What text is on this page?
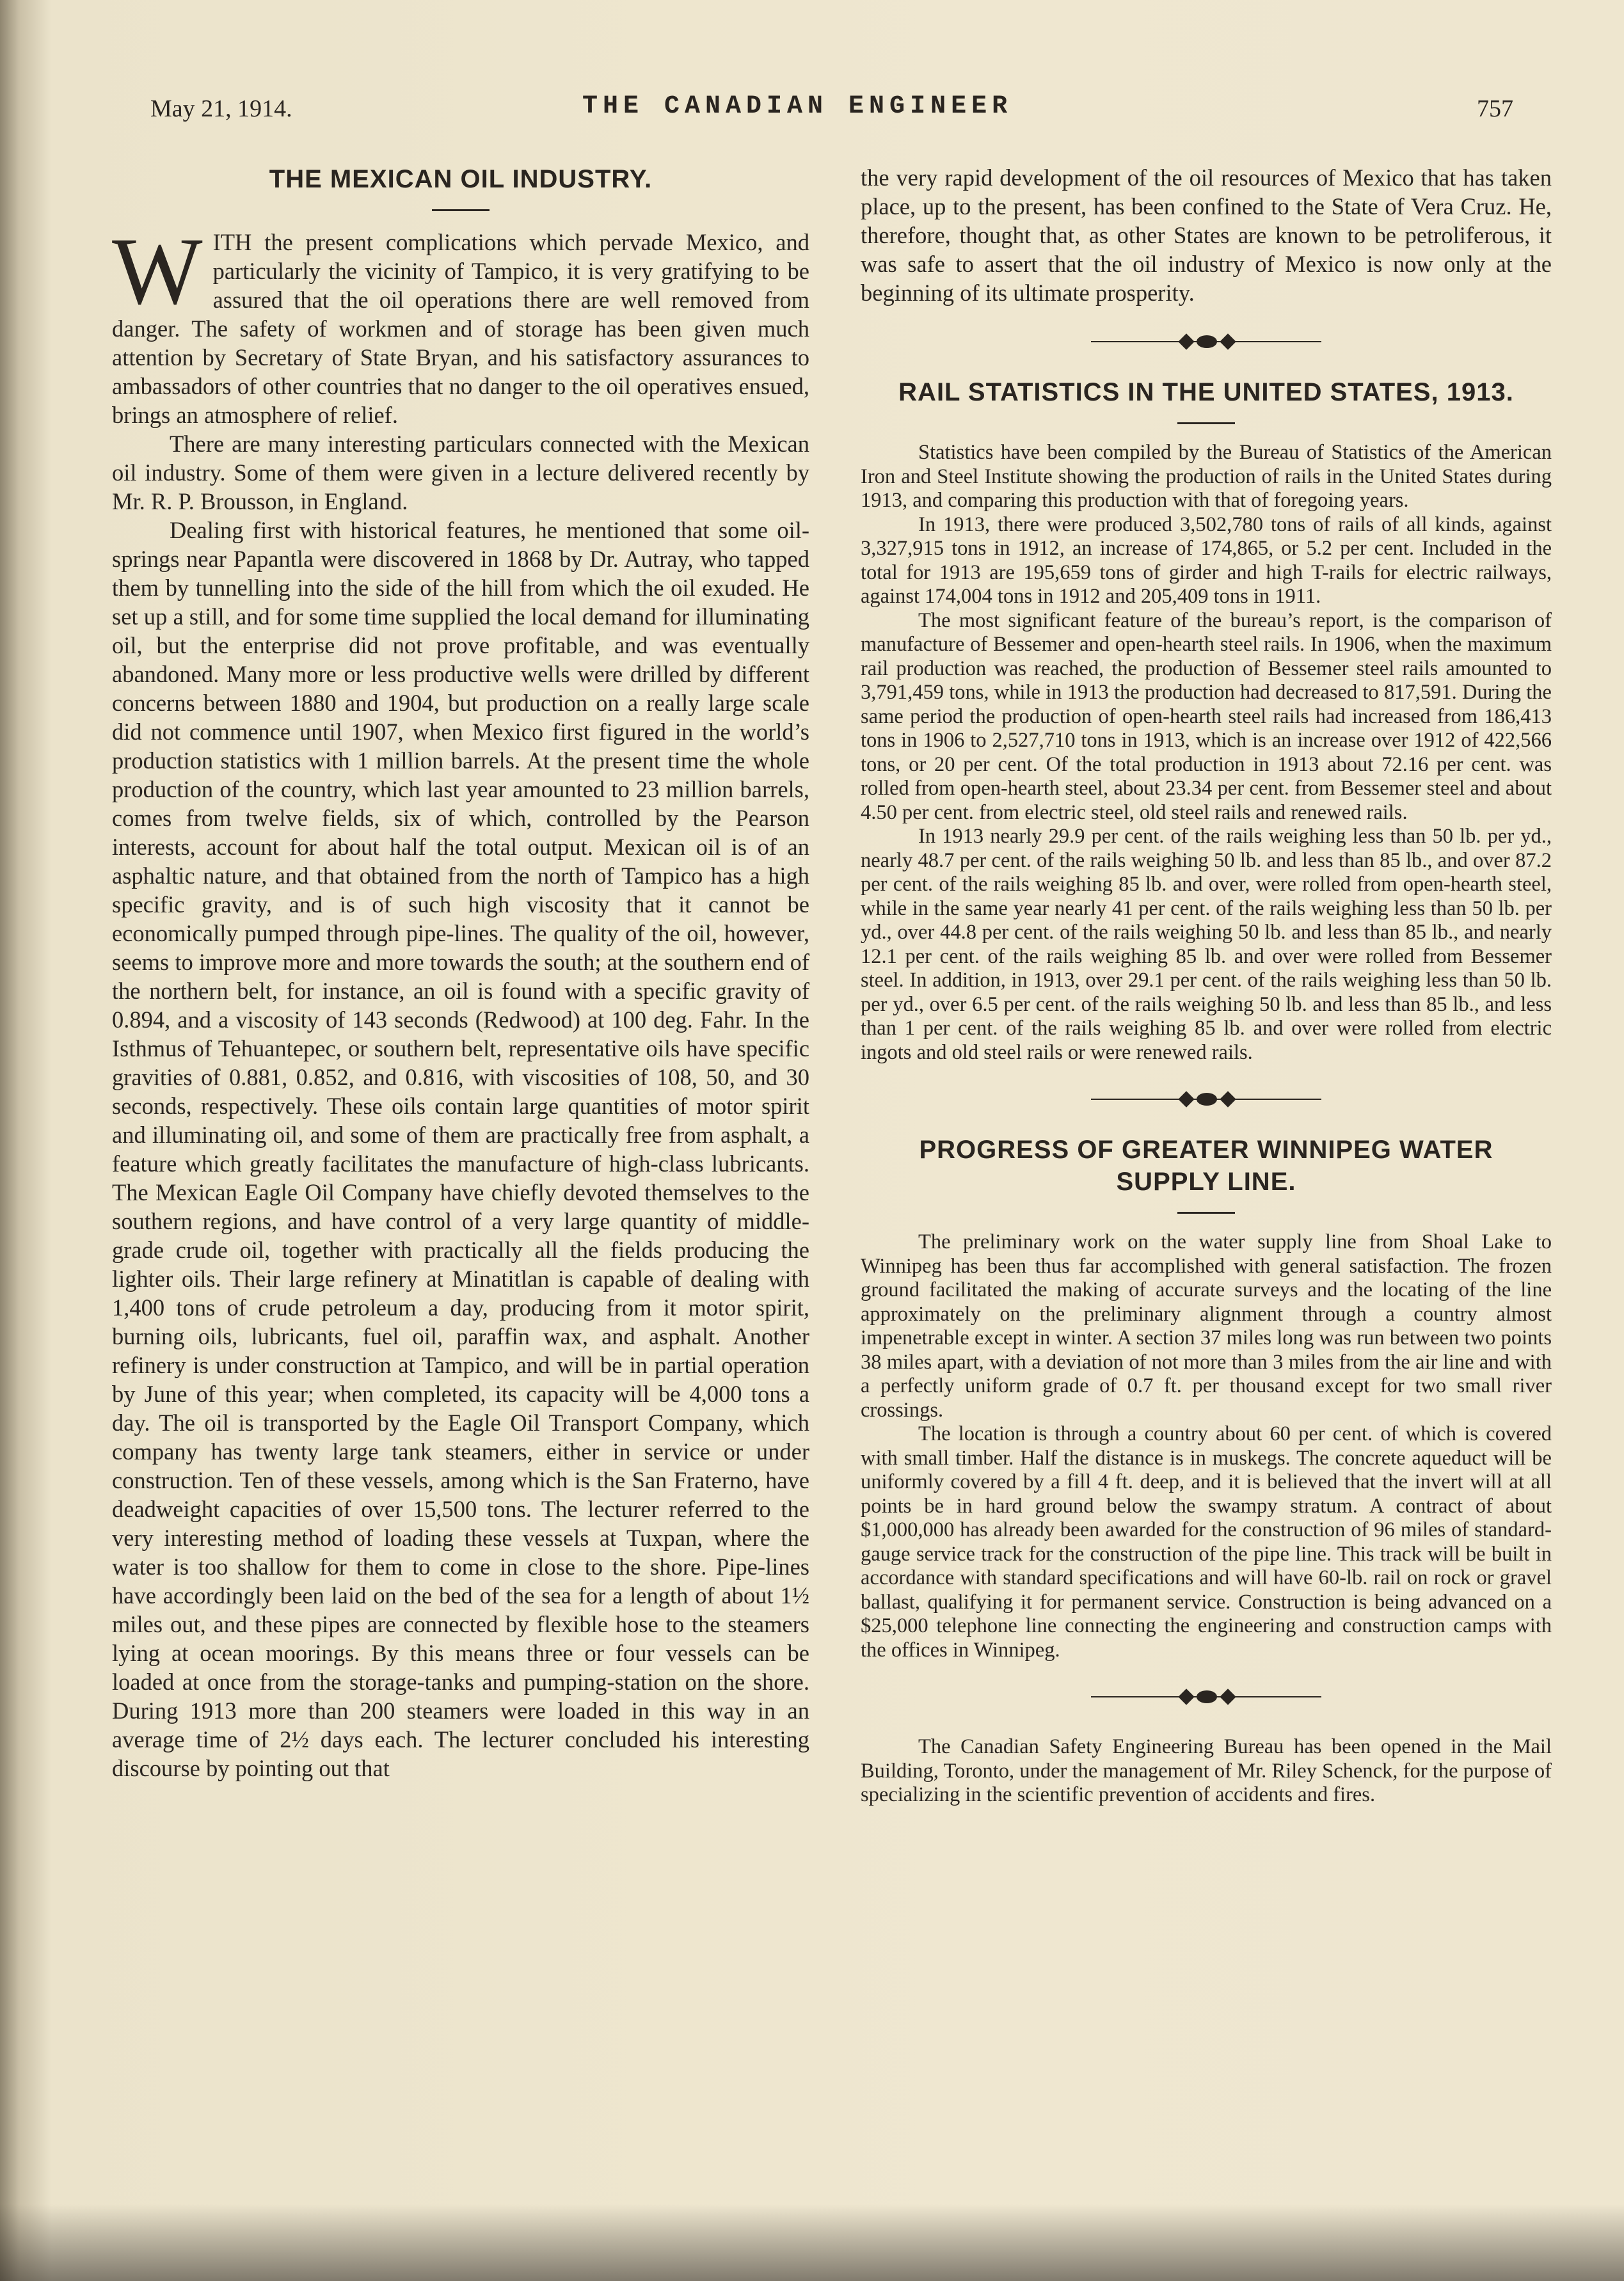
May 21, 1914.	THE CANADIAN ENGINEER	757
THE MEXICAN OIL INDUSTRY.

WITH the present complications which pervade Mexico, and particularly the vicinity of Tampico, it is very gratifying to be assured that the oil operations there are well removed from danger. The safety of workmen and of storage has been given much attention by Secretary of State Bryan, and his satisfactory assurances to ambassadors of other countries that no danger to the oil operatives ensued, brings an atmosphere of relief.

There are many interesting particulars connected with the Mexican oil industry. Some of them were given in a lecture delivered recently by Mr. R. P. Brousson, in England.

Dealing first with historical features, he mentioned that some oil-springs near Papantla were discovered in 1868 by Dr. Autray, who tapped them by tunnelling into the side of the hill from which the oil exuded. He set up a still, and for some time supplied the local demand for illuminating oil, but the enterprise did not prove profitable, and was eventually abandoned. Many more or less productive wells were drilled by different concerns between 1880 and 1904, but production on a really large scale did not commence until 1907, when Mexico first figured in the world’s production statistics with 1 million barrels. At the present time the whole production of the country, which last year amounted to 23 million barrels, comes from twelve fields, six of which, controlled by the Pearson interests, account for about half the total output. Mexican oil is of an asphaltic nature, and that obtained from the north of Tampico has a high specific gravity, and is of such high viscosity that it cannot be economically pumped through pipe-lines. The quality of the oil, however, seems to improve more and more towards the south; at the southern end of the northern belt, for instance, an oil is found with a specific gravity of 0.894, and a viscosity of 143 seconds (Redwood) at 100 deg. Fahr. In the Isthmus of Tehuantepec, or southern belt, representative oils have specific gravities of 0.881, 0.852, and 0.816, with viscosities of 108, 50, and 30 seconds, respectively. These oils contain large quantities of motor spirit and illuminating oil, and some of them are practically free from asphalt, a feature which greatly facilitates the manufacture of high-class lubricants. The Mexican Eagle Oil Company have chiefly devoted themselves to the southern regions, and have control of a very large quantity of middle-grade crude oil, together with practically all the fields producing the lighter oils. Their large refinery at Minatitlan is capable of dealing with 1,400 tons of crude petroleum a day, producing from it motor spirit, burning oils, lubricants, fuel oil, paraffin wax, and asphalt. Another refinery is under construction at Tampico, and will be in partial operation by June of this year; when completed, its capacity will be 4,000 tons a day. The oil is transported by the Eagle Oil Transport Company, which company has twenty large tank steamers, either in service or under construction. Ten of these vessels, among which is the San Fraterno, have deadweight capacities of over 15,500 tons. The lecturer referred to the very interesting method of loading these vessels at Tuxpan, where the water is too shallow for them to come in close to the shore. Pipe-lines have accordingly been laid on the bed of the sea for a length of about 1½ miles out, and these pipes are connected by flexible hose to the steamers lying at ocean moorings. By this means three or four vessels can be loaded at once from the storage-tanks and pumping-station on the shore. During 1913 more than 200 steamers were loaded in this way in an average time of 2½ days each. The lecturer concluded his interesting discourse by pointing out that

the very rapid development of the oil resources of Mexico that has taken place, up to the present, has been confined to the State of Vera Cruz. He, therefore, thought that, as other States are known to be petroliferous, it was safe to assert that the oil industry of Mexico is now only at the beginning of its ultimate prosperity.

RAIL STATISTICS IN THE UNITED STATES, 1913.

Statistics have been compiled by the Bureau of Statistics of the American Iron and Steel Institute showing the production of rails in the United States during 1913, and comparing this production with that of foregoing years.

In 1913, there were produced 3,502,780 tons of rails of all kinds, against 3,327,915 tons in 1912, an increase of 174,865, or 5.2 per cent. Included in the total for 1913 are 195,659 tons of girder and high T-rails for electric railways, against 174,004 tons in 1912 and 205,409 tons in 1911.

The most significant feature of the bureau’s report, is the comparison of manufacture of Bessemer and open-hearth steel rails. In 1906, when the maximum rail production was reached, the production of Bessemer steel rails amounted to 3,791,459 tons, while in 1913 the production had decreased to 817,591. During the same period the production of open-hearth steel rails had increased from 186,413 tons in 1906 to 2,527,710 tons in 1913, which is an increase over 1912 of 422,566 tons, or 20 per cent. Of the total production in 1913 about 72.16 per cent. was rolled from open-hearth steel, about 23.34 per cent. from Bessemer steel and about 4.50 per cent. from electric steel, old steel rails and renewed rails.

In 1913 nearly 29.9 per cent. of the rails weighing less than 50 lb. per yd., nearly 48.7 per cent. of the rails weighing 50 lb. and less than 85 lb., and over 87.2 per cent. of the rails weighing 85 lb. and over, were rolled from open-hearth steel, while in the same year nearly 41 per cent. of the rails weighing less than 50 lb. per yd., over 44.8 per cent. of the rails weighing 50 lb. and less than 85 lb., and nearly 12.1 per cent. of the rails weighing 85 lb. and over were rolled from Bessemer steel. In addition, in 1913, over 29.1 per cent. of the rails weighing less than 50 lb. per yd., over 6.5 per cent. of the rails weighing 50 lb. and less than 85 lb., and less than 1 per cent. of the rails weighing 85 lb. and over were rolled from electric ingots and old steel rails or were renewed rails.

PROGRESS OF GREATER WINNIPEG WATER
SUPPLY LINE.

The preliminary work on the water supply line from Shoal Lake to Winnipeg has been thus far accomplished with general satisfaction. The frozen ground facilitated the making of accurate surveys and the locating of the line approximately on the preliminary alignment through a country almost impenetrable except in winter. A section 37 miles long was run between two points 38 miles apart, with a deviation of not more than 3 miles from the air line and with a perfectly uniform grade of 0.7 ft. per thousand except for two small river crossings.

The location is through a country about 60 per cent. of which is covered with small timber. Half the distance is in muskegs. The concrete aqueduct will be uniformly covered by a fill 4 ft. deep, and it is believed that the invert will at all points be in hard ground below the swampy stratum. A contract of about $1,000,000 has already been awarded for the construction of 96 miles of standard-gauge service track for the construction of the pipe line. This track will be built in accordance with standard specifications and will have 60-lb. rail on rock or gravel ballast, qualifying it for permanent service. Construction is being advanced on a $25,000 telephone line connecting the engineering and construction camps with the offices in Winnipeg.

The Canadian Safety Engineering Bureau has been opened in the Mail Building, Toronto, under the management of Mr. Riley Schenck, for the purpose of specializing in the scientific prevention of accidents and fires.
